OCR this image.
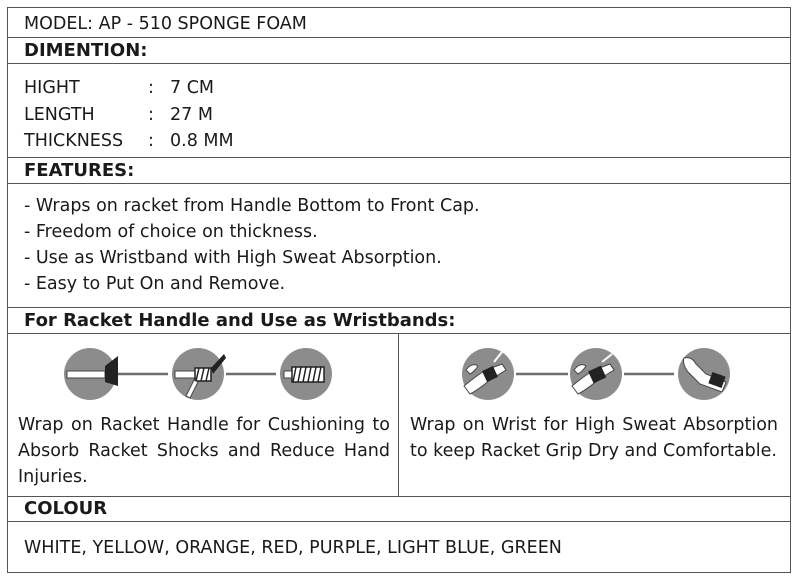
MODEL: AP - 510 SPONGE FOAM
DIMENTION:
HIGHT	: 7 CM
LENGTH	: 27 M
THICKNESS : 0.8 MM
FEATURES:
- Wraps on racket from Handle Bottom to Front Cap.
- Freedom of choice on thickness.
- Use as Wristband with High Sweat Absorption.
- Easy to Put On and Remove.
For Racket Handle and Use as Wristbands:
Wrap on Racket Handle for Cushioning to Absorb Racket Shocks and Reduce Hand Injuries.
Wrap on Wrist for High Sweat Absorption to keep Racket Grip Dry and Comfortable.
COLOUR
WHITE, YELLOW, ORANGE, RED, PURPLE, LIGHT BLUE, GREEN
